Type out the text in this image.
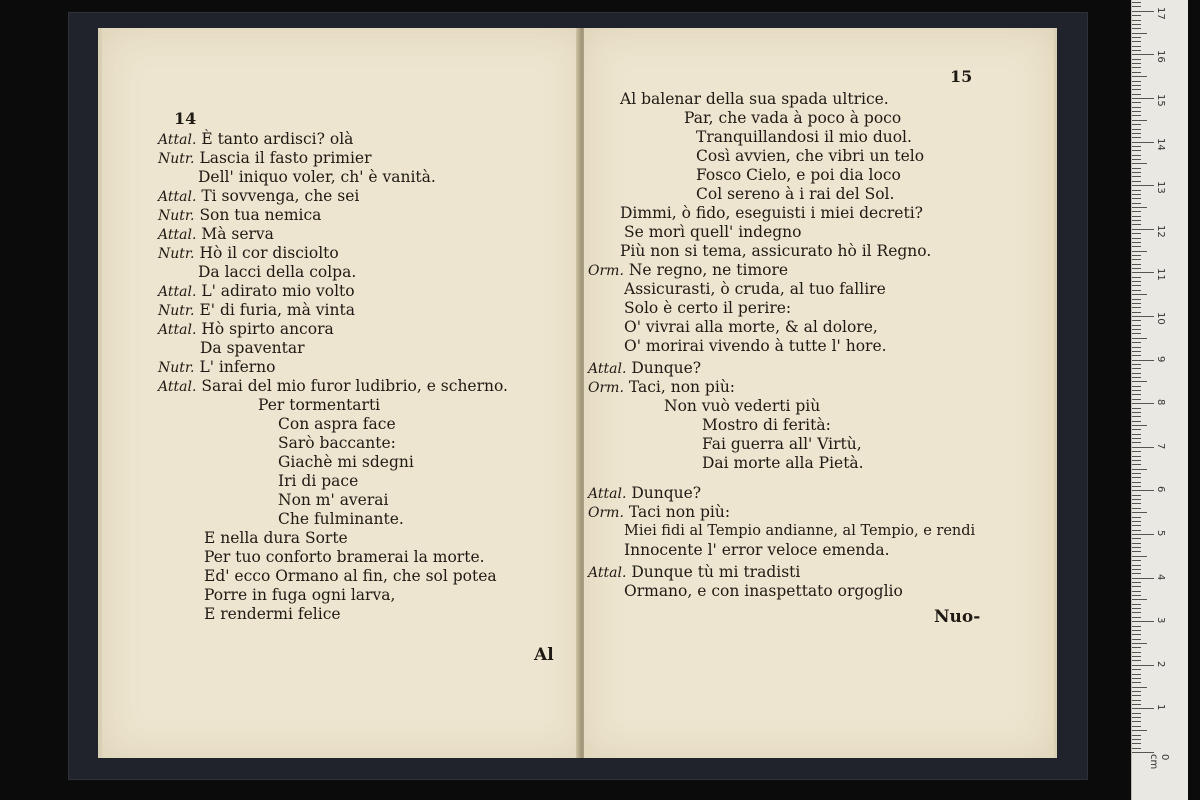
14
Attal. È tanto ardisci? olà
Nutr. Lascia il fasto primier
Dell' iniquo voler, ch' è vanità.
Attal. Ti sovvenga, che sei
Nutr. Son tua nemica
Attal. Mà serva
Nutr. Hò il cor disciolto
Da lacci della colpa.
Attal. L' adirato mio volto
Nutr. E' di furia, mà vinta
Attal. Hò spirto ancora
Da spaventar
Nutr. L' inferno
Attal. Sarai del mio furor ludibrio, e scherno.
Per tormentarti
Con aspra face
Sarò baccante:
Giachè mi sdegni
Iri di pace
Non m' averai
Che fulminante.
E nella dura Sorte
Per tuo conforto bramerai la morte.
Ed' ecco Ormano al fin, che sol potea
Porre in fuga ogni larva,
E rendermi felice
Al
15
Al balenar della sua spada ultrice.
Par, che vada à poco à poco
Tranquillandosi il mio duol.
Così avvien, che vibri un telo
Fosco Cielo, e poi dia loco
Col sereno à i rai del Sol.
Dimmi, ò fido, eseguisti i miei decreti?
Se morì quell' indegno
Più non si tema, assicurato hò il Regno.
Orm. Ne regno, ne timore
Assicurasti, ò cruda, al tuo fallire
Solo è certo il perire:
O' vivrai alla morte, & al dolore,
O' morirai vivendo à tutte l' hore.
Attal. Dunque?
Orm. Taci, non più:
Non vuò vederti più
Mostro di ferità:
Fai guerra all' Virtù,
Dai morte alla Pietà.
Attal. Dunque?
Orm. Taci non più:
Miei fidi al Tempio andianne, al Tempio, e rendi
Innocente l' error veloce emenda.
Attal. Dunque tù mi tradisti
Ormano, e con inaspettato orgoglio
Nuo-
0 cm
1
2
3
4
5
6
7
8
9
10
11
12
13
14
15
16
17
